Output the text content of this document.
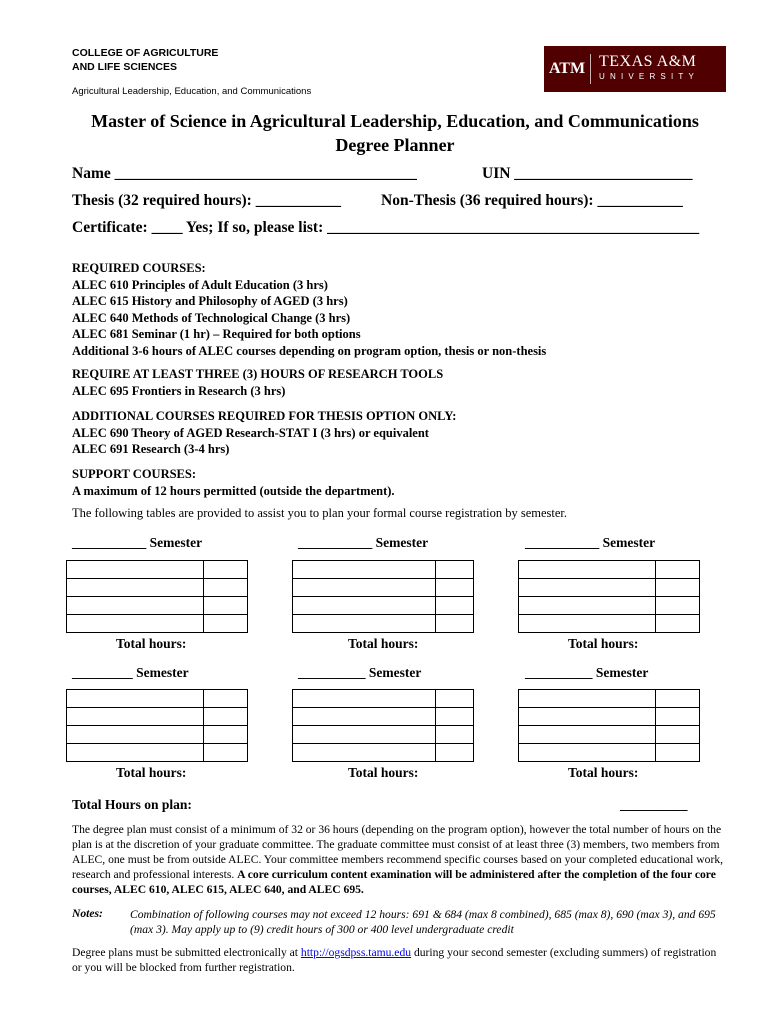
COLLEGE OF AGRICULTURE
AND LIFE SCIENCES
Agricultural Leadership, Education, and Communications
ATM TEXAS A&M
UNIVERSITY
Master of Science in Agricultural Leadership, Education, and Communications
Degree Planner
Name _______________________________________	UIN _______________________
Thesis (32 required hours): ___________	Non-Thesis (36 required hours): ___________
Certificate: ____ Yes; If so, please list: ________________________________________________
REQUIRED COURSES:
ALEC 610 Principles of Adult Education (3 hrs)
ALEC 615 History and Philosophy of AGED (3 hrs)
ALEC 640 Methods of Technological Change (3 hrs)
ALEC 681 Seminar (1 hr) – Required for both options
Additional 3-6 hours of ALEC courses depending on program option, thesis or non-thesis
REQUIRE AT LEAST THREE (3) HOURS OF RESEARCH TOOLS
ALEC 695 Frontiers in Research (3 hrs)
ADDITIONAL COURSES REQUIRED FOR THESIS OPTION ONLY:
ALEC 690 Theory of AGED Research-STAT I (3 hrs) or equivalent
ALEC 691 Research (3-4 hrs)
SUPPORT COURSES:
A maximum of 12 hours permitted (outside the department).
The following tables are provided to assist you to plan your formal course registration by semester.
___________ Semester	___________ Semester	___________ Semester

Total hours:	Total hours:	Total hours:
_________ Semester	__________ Semester	__________ Semester

Total hours:	Total hours:	Total hours:
Total Hours on plan:	__________
The degree plan must consist of a minimum of 32 or 36 hours (depending on the program option), however the total number of hours on the plan is at the discretion of your graduate committee. The graduate committee must consist of at least three (3) members, two members from ALEC, one must be from outside ALEC. Your committee members recommend specific courses based on your completed educational work, research and professional interests. A core curriculum content examination will be administered after the completion of the four core courses, ALEC 610, ALEC 615, ALEC 640, and ALEC 695.
Notes: Combination of following courses may not exceed 12 hours: 691 & 684 (max 8 combined), 685 (max 8), 690 (max 3), and 695 (max 3). May apply up to (9) credit hours of 300 or 400 level undergraduate credit
Degree plans must be submitted electronically at http://ogsdpss.tamu.edu during your second semester (excluding summers) of registration or you will be blocked from further registration.
